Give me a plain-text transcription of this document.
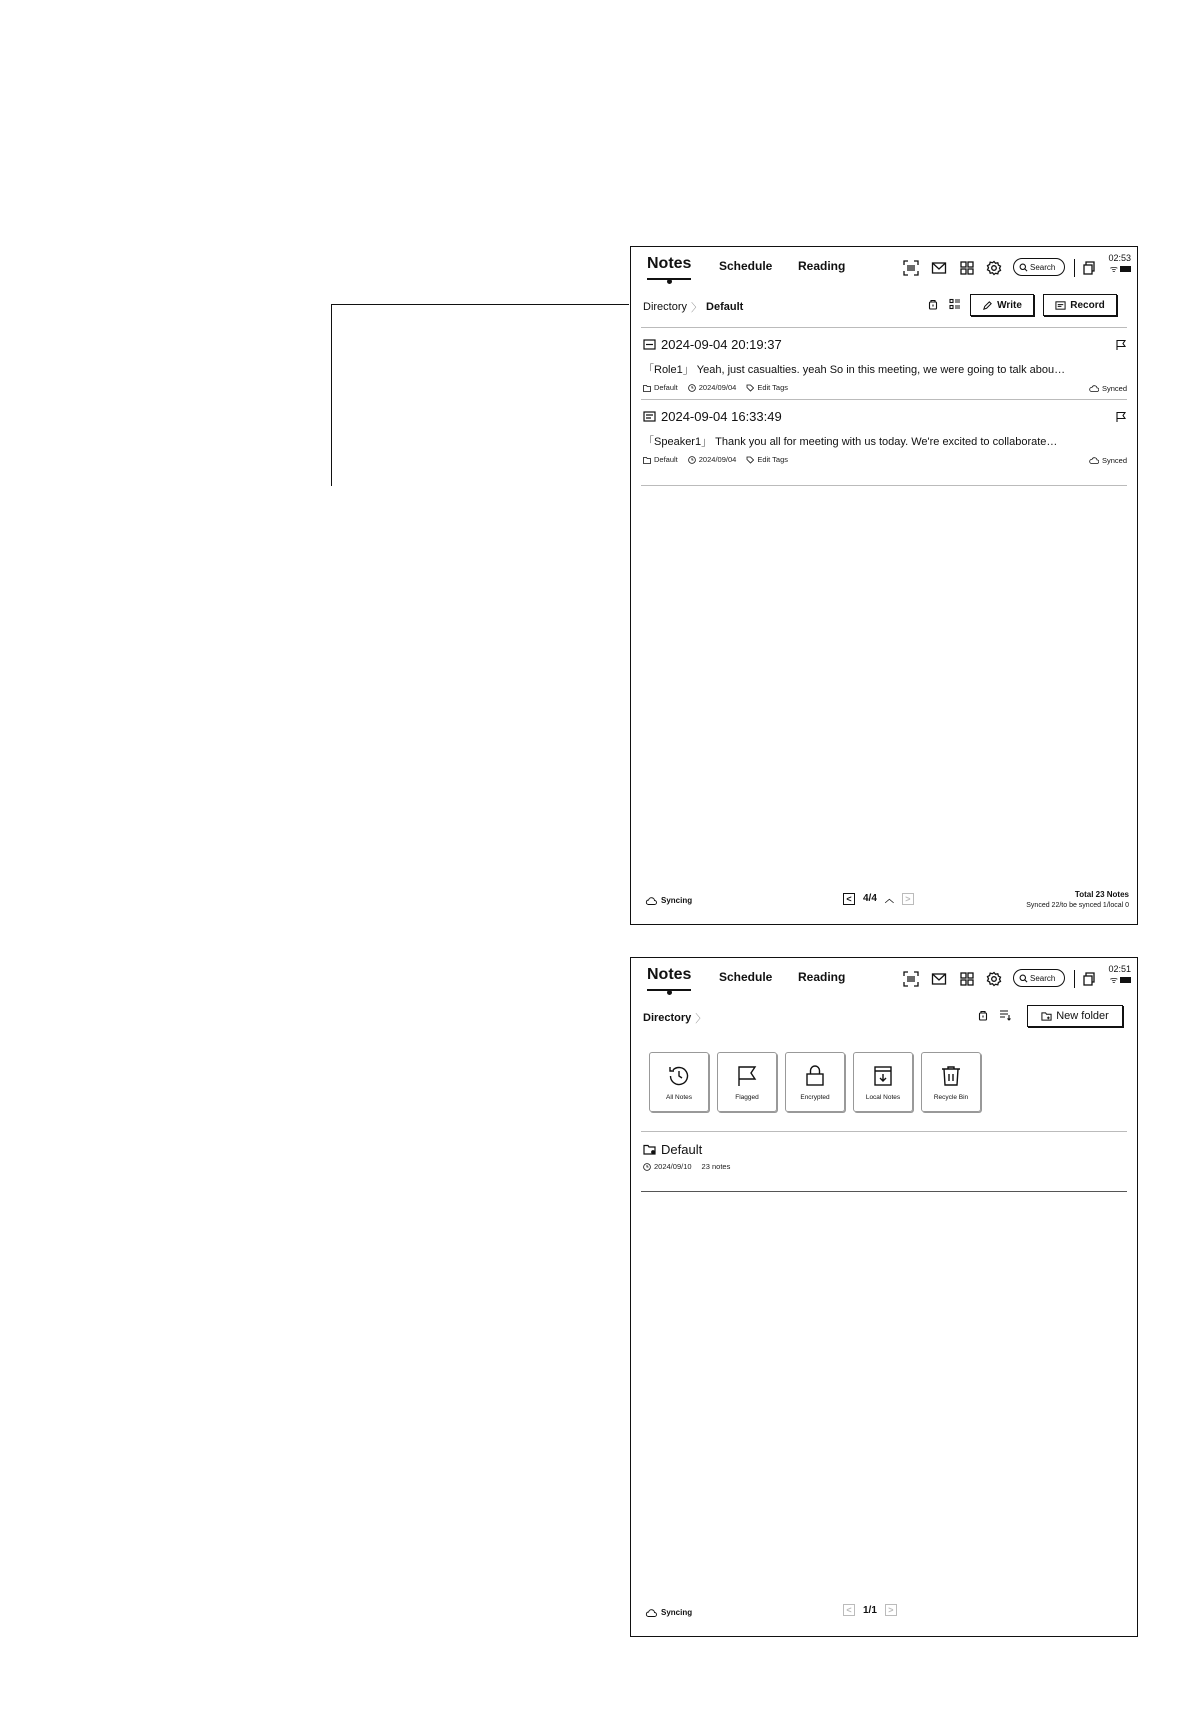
Notes Schedule Reading	Search
02:53
ᯤ
Directory 〉 Default	Write	Record
2024-09-04 20:19:37
「Role1」 Yeah, just casualties. yeah So in this meeting, we were going to talk abou…
Default	2024/09/04	Edit Tags	Synced
2024-09-04 16:33:49
「Speaker1」 Thank you all for meeting with us today. We're excited to collaborate…
Default	2024/09/04	Edit Tags	Synced
Syncing	<	4/4 ︿	>	Total 23 Notes
Synced 22/to be synced 1/local 0
Notes Schedule Reading	Search
02:51
ᯤ
Directory 〉	New folder
All Notes	Flagged	Encrypted	Local Notes	Recycle Bin
Default
2024/09/10 23 notes
Syncing	<	1/1	>
